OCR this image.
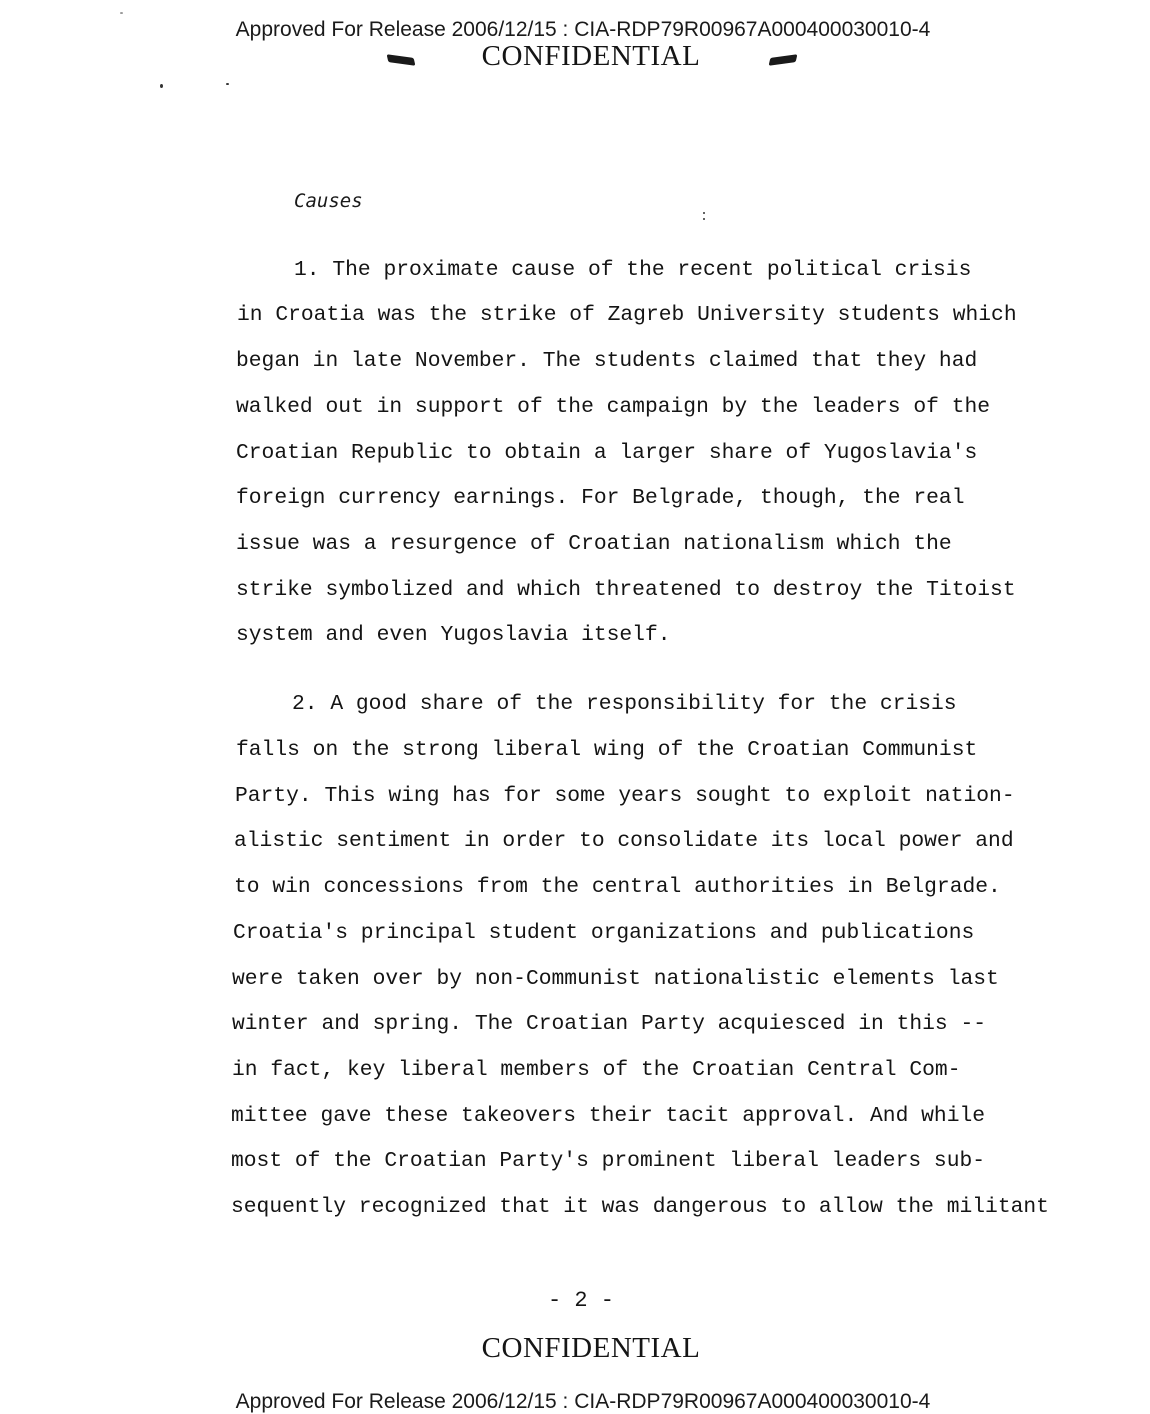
Approved For Release 2006/12/15 : CIA-RDP79R00967A000400030010-4
CONFIDENTIAL
Causes
1. The proximate cause of the recent political crisis
in Croatia was the strike of Zagreb University students which
began in late November. The students claimed that they had
walked out in support of the campaign by the leaders of the
Croatian Republic to obtain a larger share of Yugoslavia's
foreign currency earnings. For Belgrade, though, the real
issue was a resurgence of Croatian nationalism which the
strike symbolized and which threatened to destroy the Titoist
system and even Yugoslavia itself.
2. A good share of the responsibility for the crisis
falls on the strong liberal wing of the Croatian Communist
Party. This wing has for some years sought to exploit nation-
alistic sentiment in order to consolidate its local power and
to win concessions from the central authorities in Belgrade.
Croatia's principal student organizations and publications
were taken over by non-Communist nationalistic elements last
winter and spring. The Croatian Party acquiesced in this --
in fact, key liberal members of the Croatian Central Com-
mittee gave these takeovers their tacit approval. And while
most of the Croatian Party's prominent liberal leaders sub-
sequently recognized that it was dangerous to allow the militant
- 2 -
CONFIDENTIAL
Approved For Release 2006/12/15 : CIA-RDP79R00967A000400030010-4
